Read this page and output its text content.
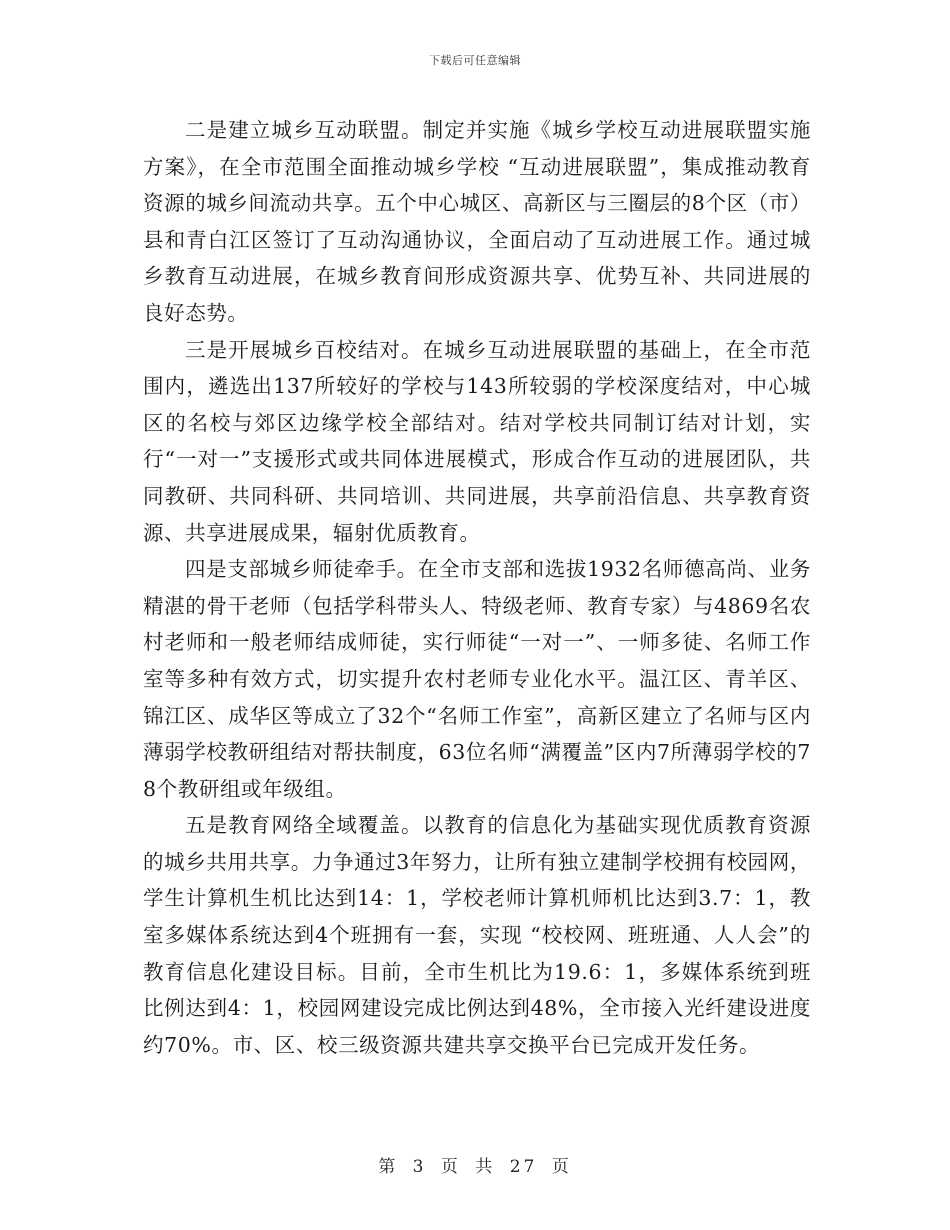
下载后可任意编辑

二是建立城乡互动联盟。制定并实施《城乡学校互动进展联盟实施方案》，在全市范围全面推动城乡学校 “互动进展联盟”，集成推动教育资源的城乡间流动共享。五个中心城区、高新区与三圈层的8个区（市）县和青白江区签订了互动沟通协议，全面启动了互动进展工作。通过城乡教育互动进展，在城乡教育间形成资源共享、优势互补、共同进展的良好态势。

三是开展城乡百校结对。在城乡互动进展联盟的基础上，在全市范围内，遴选出137所较好的学校与143所较弱的学校深度结对，中心城区的名校与郊区边缘学校全部结对。结对学校共同制订结对计划，实行“一对一”支援形式或共同体进展模式，形成合作互动的进展团队，共同教研、共同科研、共同培训、共同进展，共享前沿信息、共享教育资源、共享进展成果，辐射优质教育。

四是支部城乡师徒牵手。在全市支部和选拔1932名师德高尚、业务精湛的骨干老师（包括学科带头人、特级老师、教育专家）与4869名农村老师和一般老师结成师徒，实行师徒“一对一”、一师多徒、名师工作室等多种有效方式，切实提升农村老师专业化水平。温江区、青羊区、锦江区、成华区等成立了32个“名师工作室”，高新区建立了名师与区内薄弱学校教研组结对帮扶制度，63位名师“满覆盖”区内7所薄弱学校的78个教研组或年级组。

五是教育网络全域覆盖。以教育的信息化为基础实现优质教育资源的城乡共用共享。力争通过3年努力，让所有独立建制学校拥有校园网，学生计算机生机比达到14：1，学校老师计算机师机比达到3.7：1，教室多媒体系统达到4个班拥有一套，实现 “校校网、班班通、人人会”的教育信息化建设目标。目前，全市生机比为19.6：1，多媒体系统到班比例达到4：1，校园网建设完成比例达到48%，全市接入光纤建设进度约70%。市、区、校三级资源共建共享交换平台已完成开发任务。

第 3 页 共 27 页
